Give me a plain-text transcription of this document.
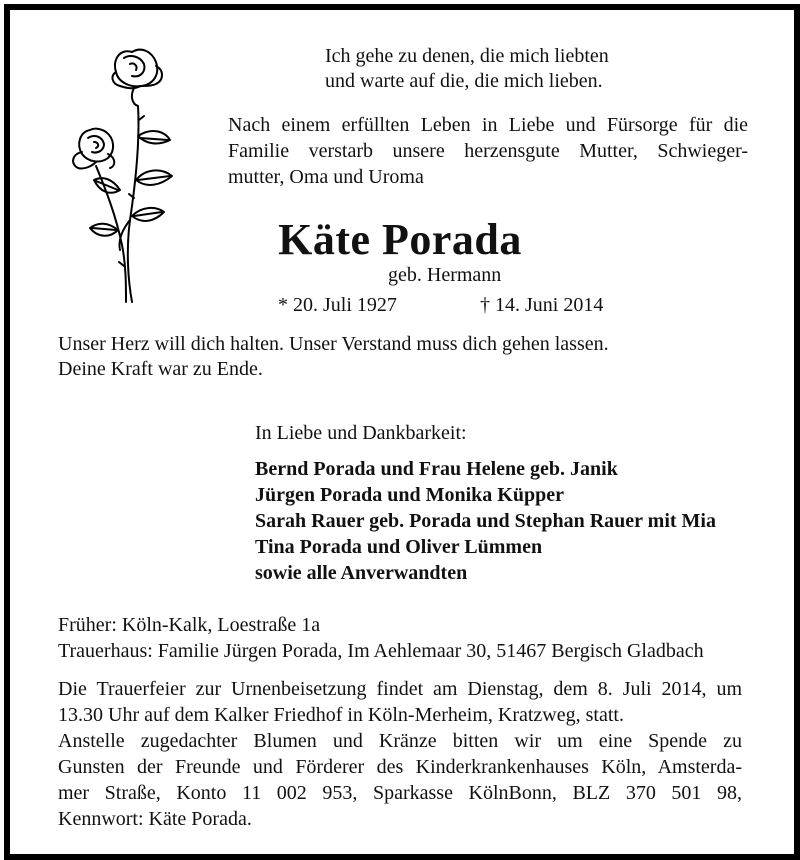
Ich gehe zu denen, die mich liebten
und warte auf die, die mich lieben.
Nach einem erfüllten Leben in Liebe und Fürsorge für die
Familie verstarb unsere herzensgute Mutter, Schwieger-
mutter, Oma und Uroma
Käte Porada
geb. Hermann
* 20. Juli 1927	† 14. Juni 2014
Unser Herz will dich halten. Unser Verstand muss dich gehen lassen.
Deine Kraft war zu Ende.
In Liebe und Dankbarkeit:
Bernd Porada und Frau Helene geb. Janik
Jürgen Porada und Monika Küpper
Sarah Rauer geb. Porada und Stephan Rauer mit Mia
Tina Porada und Oliver Lümmen
sowie alle Anverwandten
Früher: Köln-Kalk, Loestraße 1a
Trauerhaus: Familie Jürgen Porada, Im Aehlemaar 30, 51467 Bergisch Gladbach
Die Trauerfeier zur Urnenbeisetzung findet am Dienstag, dem 8. Juli 2014, um
13.30 Uhr auf dem Kalker Friedhof in Köln-Merheim, Kratzweg, statt.
Anstelle zugedachter Blumen und Kränze bitten wir um eine Spende zu
Gunsten der Freunde und Förderer des Kinderkrankenhauses Köln, Amsterda-
mer Straße, Konto 11 002 953, Sparkasse KölnBonn, BLZ 370 501 98,
Kennwort: Käte Porada.
